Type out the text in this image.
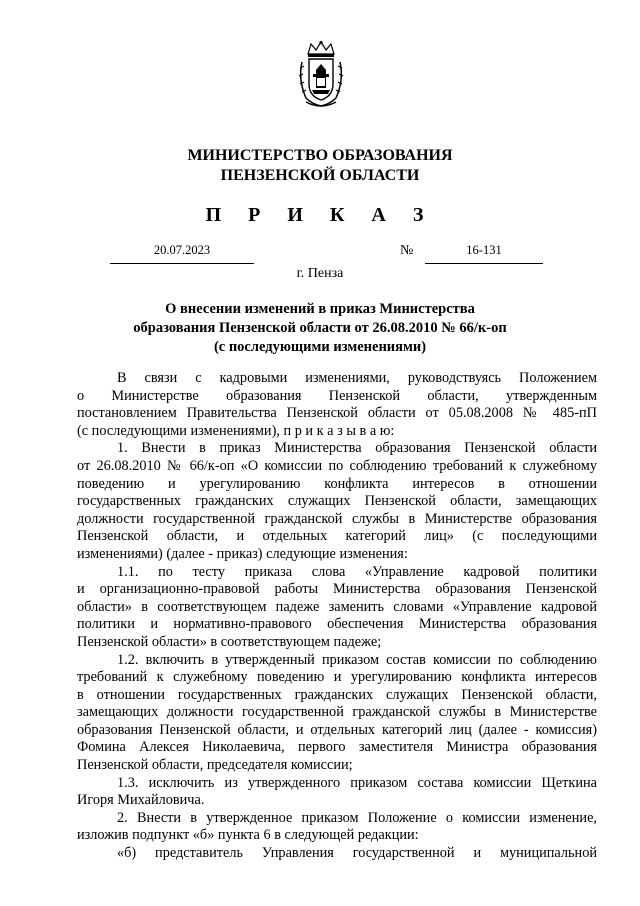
МИНИСТЕРСТВО ОБРАЗОВАНИЯ
ПЕНЗЕНСКОЙ ОБЛАСТИ
П Р И К А З
20.07.2023	№	16-131
г. Пенза
О внесении изменений в приказ Министерства
образования Пензенской области от 26.08.2010 № 66/к-оп
(с последующими изменениями)
В связи с кадровыми изменениями, руководствуясь Положением
о Министерстве образования Пензенской области, утвержденным
постановлением Правительства Пензенской области от 05.08.2008 № 485-пП
(с последующими изменениями), п р и к а з ы в а ю:
1. Внести в приказ Министерства образования Пензенской области
от 26.08.2010 № 66/к-оп «О комиссии по соблюдению требований к служебному
поведению и урегулированию конфликта интересов в отношении
государственных гражданских служащих Пензенской области, замещающих
должности государственной гражданской службы в Министерстве образования
Пензенской области, и отдельных категорий лиц» (с последующими
изменениями) (далее - приказ) следующие изменения:
1.1. по тесту приказа слова «Управление кадровой политики
и организационно-правовой работы Министерства образования Пензенской
области» в соответствующем падеже заменить словами «Управление кадровой
политики и нормативно-правового обеспечения Министерства образования
Пензенской области» в соответствующем падеже;
1.2. включить в утвержденный приказом состав комиссии по соблюдению
требований к служебному поведению и урегулированию конфликта интересов
в отношении государственных гражданских служащих Пензенской области,
замещающих должности государственной гражданской службы в Министерстве
образования Пензенской области, и отдельных категорий лиц (далее - комиссия)
Фомина Алексея Николаевича, первого заместителя Министра образования
Пензенской области, председателя комиссии;
1.3. исключить из утвержденного приказом состава комиссии Щеткина
Игоря Михайловича.
2. Внести в утвержденное приказом Положение о комиссии изменение,
изложив подпункт «б» пункта 6 в следующей редакции:
«б) представитель Управления государственной и муниципальной
